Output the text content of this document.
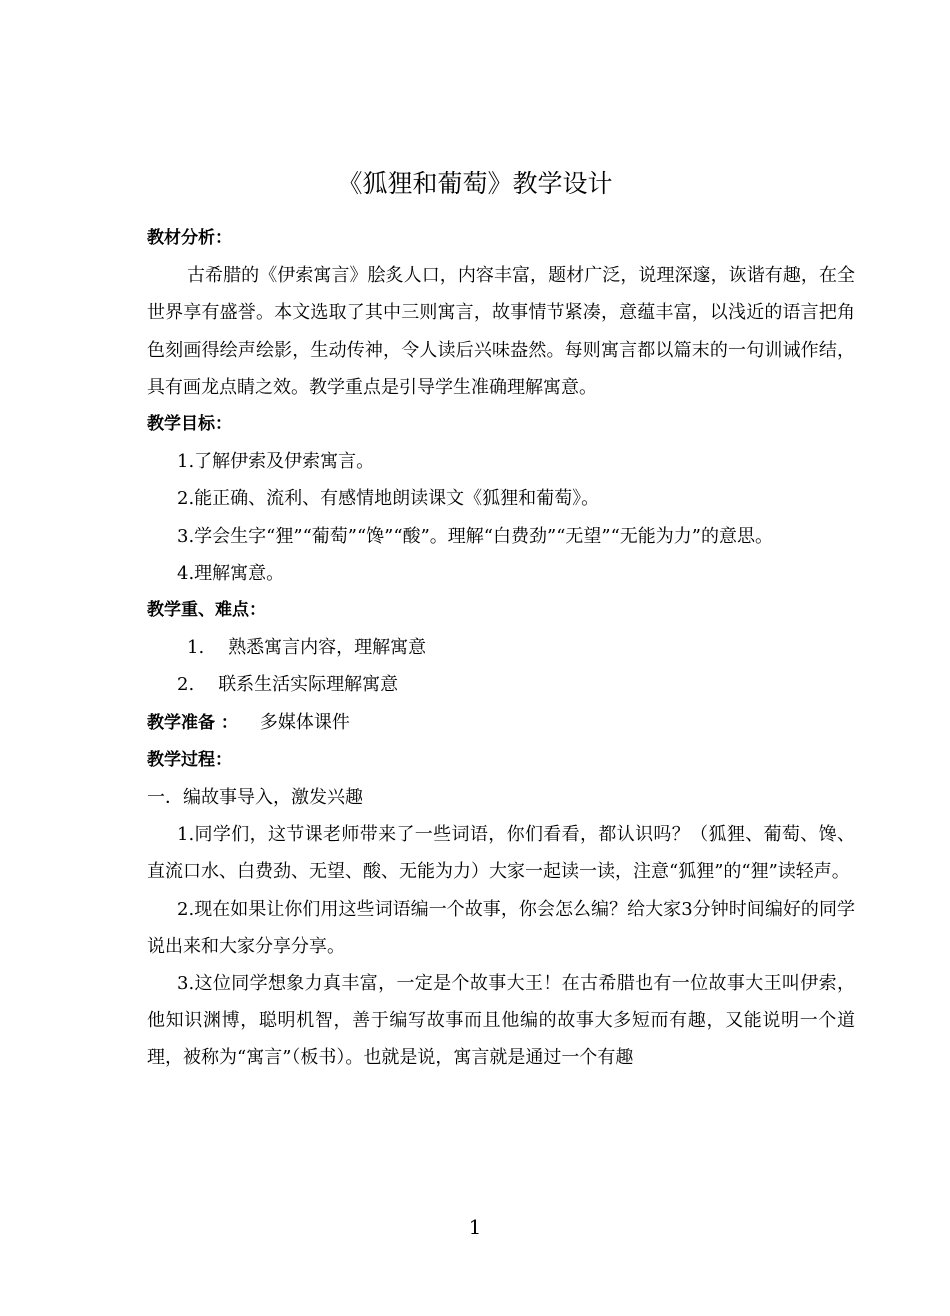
《狐狸和葡萄》教学设计

教材分析：

古希腊的《伊索寓言》脍炙人口，内容丰富，题材广泛，说理深邃，诙谐有趣，在全世界享有盛誉。本文选取了其中三则寓言，故事情节紧凑，意蕴丰富，以浅近的语言把角色刻画得绘声绘影，生动传神，令人读后兴味盎然。每则寓言都以篇末的一句训诫作结，具有画龙点睛之效。教学重点是引导学生准确理解寓意。

教学目标：

1.了解伊索及伊索寓言。

2.能正确、流利、有感情地朗读课文《狐狸和葡萄》。

3.学会生字“狸”“葡萄”“馋”“酸”。理解“白费劲”“无望”“无能为力”的意思。

4.理解寓意。

教学重、难点：

1. 熟悉寓言内容，理解寓意

2. 联系生活实际理解寓意

教学准备 ： 多媒体课件

教学过程：

一．编故事导入，激发兴趣

1.同学们，这节课老师带来了一些词语，你们看看，都认识吗？（狐狸、葡萄、馋、直流口水、白费劲、无望、酸、无能为力）大家一起读一读，注意“狐狸”的“狸”读轻声。

2.现在如果让你们用这些词语编一个故事，你会怎么编？给大家3分钟时间编好的同学说出来和大家分享分享。

3.这位同学想象力真丰富，一定是个故事大王！在古希腊也有一位故事大王叫伊索，他知识渊博，聪明机智，善于编写故事而且他编的故事大多短而有趣，又能说明一个道理，被称为“寓言”（板书）。也就是说，寓言就是通过一个有趣

1
